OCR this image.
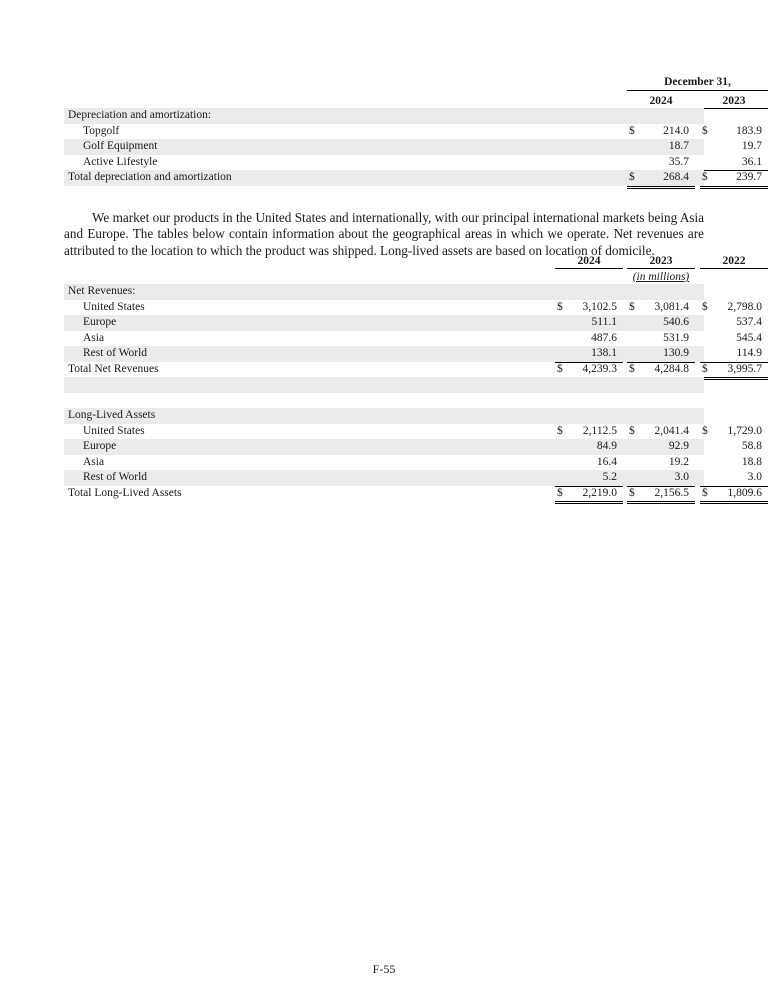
December 31,
2024	2023
Depreciation and amortization:
Topgolf	$ 214.0 $ 183.9
Golf Equipment	18.7	19.7
Active Lifestyle	35.7	36.1
Total depreciation and amortization	$ 268.4 $ 239.7

We market our products in the United States and internationally, with our principal international markets being Asia and Europe. The tables below contain information about the geographical areas in which we operate. Net revenues are attributed to the location to which the product was shipped. Long-lived assets are based on location of domicile.

2024	2023	2022
(in millions)
Net Revenues:
United States	$ 3,102.5 $ 3,081.4 $ 2,798.0
Europe	511.1	540.6	537.4
Asia	487.6	531.9	545.4
Rest of World	138.1	130.9	114.9
Total Net Revenues	$ 4,239.3 $ 4,284.8 $ 3,995.7
Long-Lived Assets
United States	$ 2,112.5 $ 2,041.4 $ 1,729.0
Europe	84.9	92.9	58.8
Asia	16.4	19.2	18.8
Rest of World	5.2	3.0	3.0
Total Long-Lived Assets	$ 2,219.0 $ 2,156.5 $ 1,809.6
F-55
